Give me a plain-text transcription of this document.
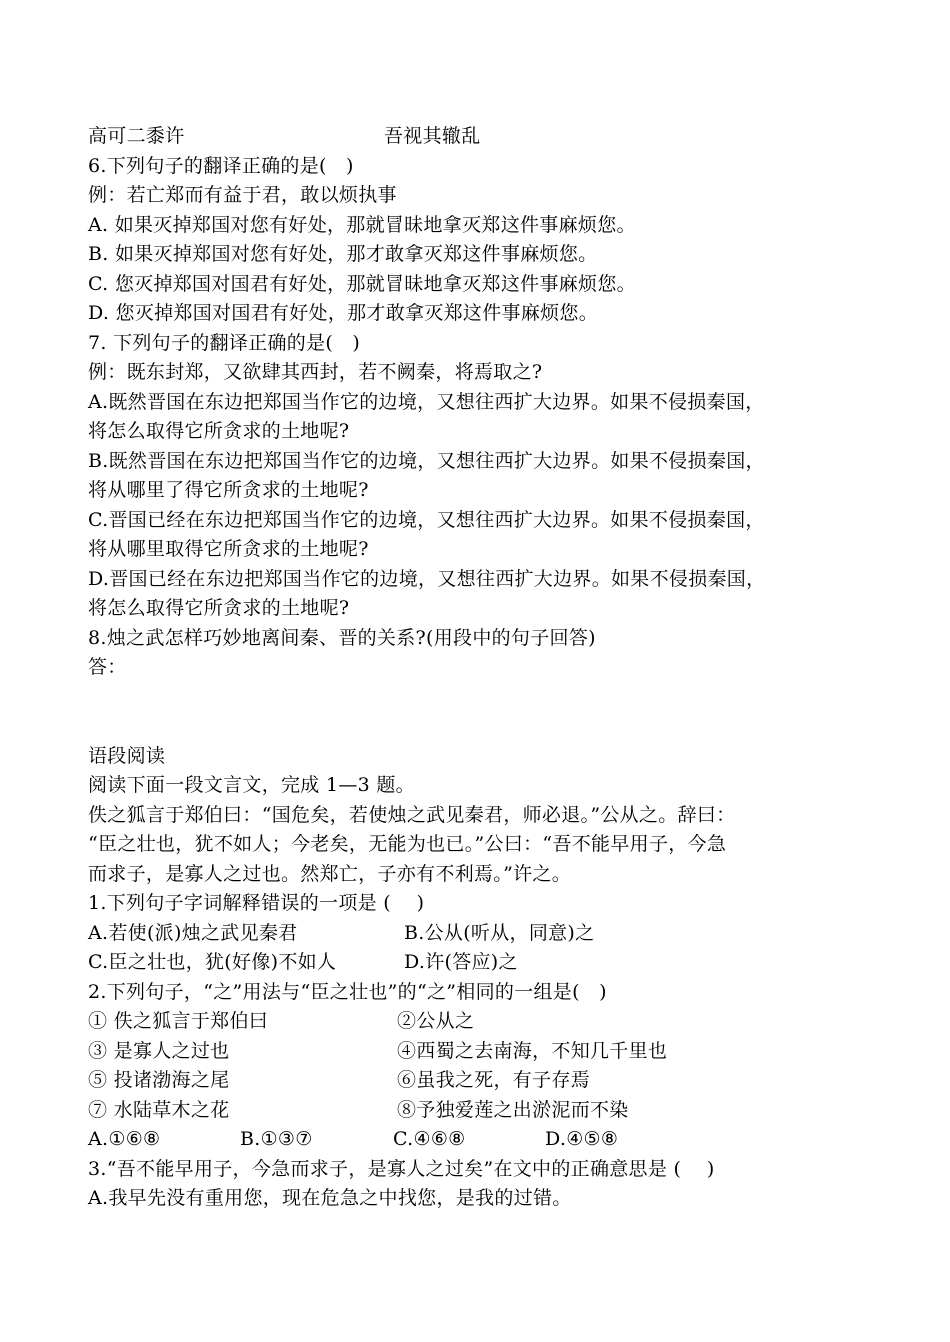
高可二黍许	吾视其辙乱
6.下列句子的翻译正确的是(　)
例：若亡郑而有益于君，敢以烦执事
A. 如果灭掉郑国对您有好处，那就冒昧地拿灭郑这件事麻烦您。
B. 如果灭掉郑国对您有好处，那才敢拿灭郑这件事麻烦您。
C. 您灭掉郑国对国君有好处，那就冒昧地拿灭郑这件事麻烦您。
D. 您灭掉郑国对国君有好处，那才敢拿灭郑这件事麻烦您。
7. 下列句子的翻译正确的是(　)
例：既东封郑，又欲肆其西封，若不阙秦，将焉取之?
A.既然晋国在东边把郑国当作它的边境，又想往西扩大边界。如果不侵损秦国，
将怎么取得它所贪求的土地呢?
B.既然晋国在东边把郑国当作它的边境，又想往西扩大边界。如果不侵损秦国，
将从哪里了得它所贪求的土地呢?
C.晋国已经在东边把郑国当作它的边境，又想往西扩大边界。如果不侵损秦国，
将从哪里取得它所贪求的土地呢?
D.晋国已经在东边把郑国当作它的边境，又想往西扩大边界。如果不侵损秦国，
将怎么取得它所贪求的土地呢?
8.烛之武怎样巧妙地离间秦、晋的关系?(用段中的句子回答)
答：
语段阅读
阅读下面一段文言文，完成 1—3 题。
佚之狐言于郑伯曰：“国危矣，若使烛之武见秦君，师必退。”公从之。辞曰：
“臣之壮也，犹不如人；今老矣，无能为也已。”公曰：“吾不能早用子，今急
而求子，是寡人之过也。然郑亡，子亦有不利焉。”许之。
1.下列句子字词解释错误的一项是 (　 )
A.若使(派)烛之武见秦君	B.公从(听从，同意)之
C.臣之壮也，犹(好像)不如人	D.许(答应)之
2.下列句子，“之”用法与“臣之壮也”的“之”相同的一组是(　)
① 佚之狐言于郑伯曰	②公从之
③ 是寡人之过也	④西蜀之去南海，不知几千里也
⑤ 投诸渤海之尾	⑥虽我之死，有子存焉
⑦ 水陆草木之花	⑧予独爱莲之出淤泥而不染
A.①⑥⑧	B.①③⑦	C.④⑥⑧	D.④⑤⑧
3.“吾不能早用子，今急而求子，是寡人之过矣”在文中的正确意思是 (　 )
A.我早先没有重用您，现在危急之中找您，是我的过错。
